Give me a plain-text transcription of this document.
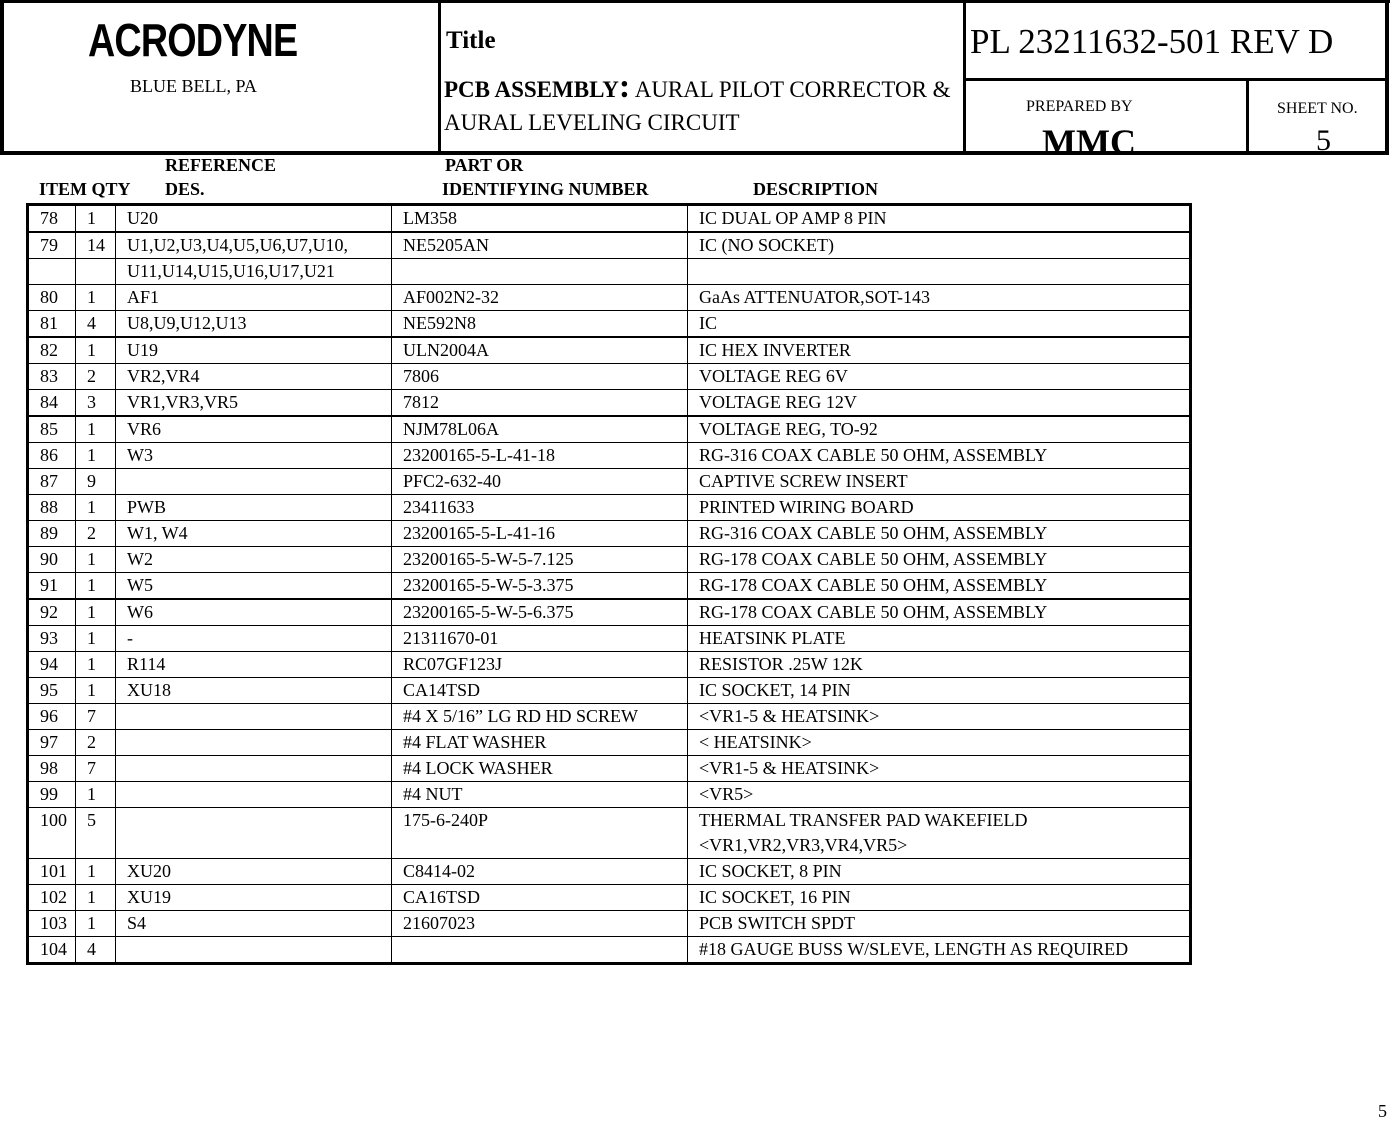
ACRODYNE
BLUE BELL, PA
Title
PCB ASSEMBLY: AURAL PILOT CORRECTOR & AURAL LEVELING CIRCUIT
PL 23211632-501 REV D
PREPARED BY
MMC
SHEET NO.
5
REFERENCE	PART OR
ITEM QTY DES.	IDENTIFYING NUMBER	DESCRIPTION
78	1	U20	LM358	IC DUAL OP AMP 8 PIN
79	14	U1,U2,U3,U4,U5,U6,U7,U10,	NE5205AN	IC (NO SOCKET)
		U11,U14,U15,U16,U17,U21		
80	1	AF1	AF002N2-32	GaAs ATTENUATOR,SOT-143
81	4	U8,U9,U12,U13	NE592N8	IC
82	1	U19	ULN2004A	IC HEX INVERTER
83	2	VR2,VR4	7806	VOLTAGE REG 6V
84	3	VR1,VR3,VR5	7812	VOLTAGE REG 12V
85	1	VR6	NJM78L06A	VOLTAGE REG, TO-92
86	1	W3	23200165-5-L-41-18	RG-316 COAX CABLE 50 OHM, ASSEMBLY
87	9		PFC2-632-40	CAPTIVE SCREW INSERT
88	1	PWB	23411633	PRINTED WIRING BOARD
89	2	W1, W4	23200165-5-L-41-16	RG-316 COAX CABLE 50 OHM, ASSEMBLY
90	1	W2	23200165-5-W-5-7.125	RG-178 COAX CABLE 50 OHM, ASSEMBLY
91	1	W5	23200165-5-W-5-3.375	RG-178 COAX CABLE 50 OHM, ASSEMBLY
92	1	W6	23200165-5-W-5-6.375	RG-178 COAX CABLE 50 OHM, ASSEMBLY
93	1	-	21311670-01	HEATSINK PLATE
94	1	R114	RC07GF123J	RESISTOR .25W 12K
95	1	XU18	CA14TSD	IC SOCKET, 14 PIN
96	7		#4 X 5/16” LG RD HD SCREW	<VR1-5 & HEATSINK>
97	2		#4 FLAT WASHER	< HEATSINK>
98	7		#4 LOCK WASHER	<VR1-5 & HEATSINK>
99	1		#4 NUT	<VR5>
100	5		175-6-240P	THERMAL TRANSFER PAD WAKEFIELD <VR1,VR2,VR3,VR4,VR5>
101	1	XU20	C8414-02	IC SOCKET, 8 PIN
102	1	XU19	CA16TSD	IC SOCKET, 16 PIN
103	1	S4	21607023	PCB SWITCH SPDT
104	4			#18 GAUGE BUSS W/SLEVE, LENGTH AS REQUIRED
5
